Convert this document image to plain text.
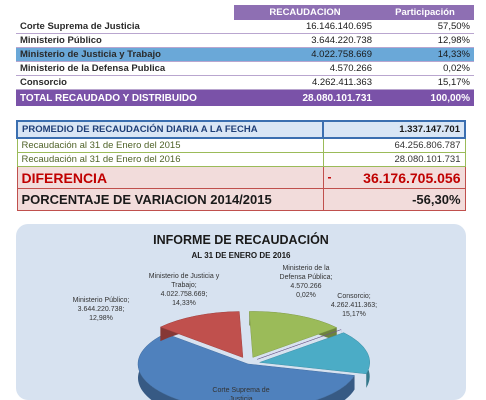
	RECAUDACION	Participación
Corte Suprema de Justicia	16.146.140.695	57,50%
Ministerio Público	3.644.220.738	12,98%
Ministerio de Justicia y Trabajo	4.022.758.669	14,33%
Ministerio de la Defensa Publica	4.570.266	0,02%
Consorcio	4.262.411.363	15,17%
TOTAL RECAUDADO Y DISTRIBUIDO	28.080.101.731	100,00%
PROMEDIO DE RECAUDACIÓN DIARIA A LA FECHA	1.337.147.701
Recaudación al 31 de Enero del 2015	64.256.806.787
Recaudación al 31 de Enero del 2016	28.080.101.731
DIFERENCIA	- 36.176.705.056
PORCENTAJE DE VARIACION 2014/2015	-56,30%
INFORME DE RECAUDACIÓN
AL 31 DE ENERO DE 2016
Ministerio de Justicia y
Trabajo;
4.022.758.669;
14,33%
Ministerio de la
Defensa Pública;
4.570.266
0,02%
Ministerio Público;
3.644.220.738;
12,98%
Consorcio;
4.262.411.363;
15,17%
Corte Suprema de
Justicia
